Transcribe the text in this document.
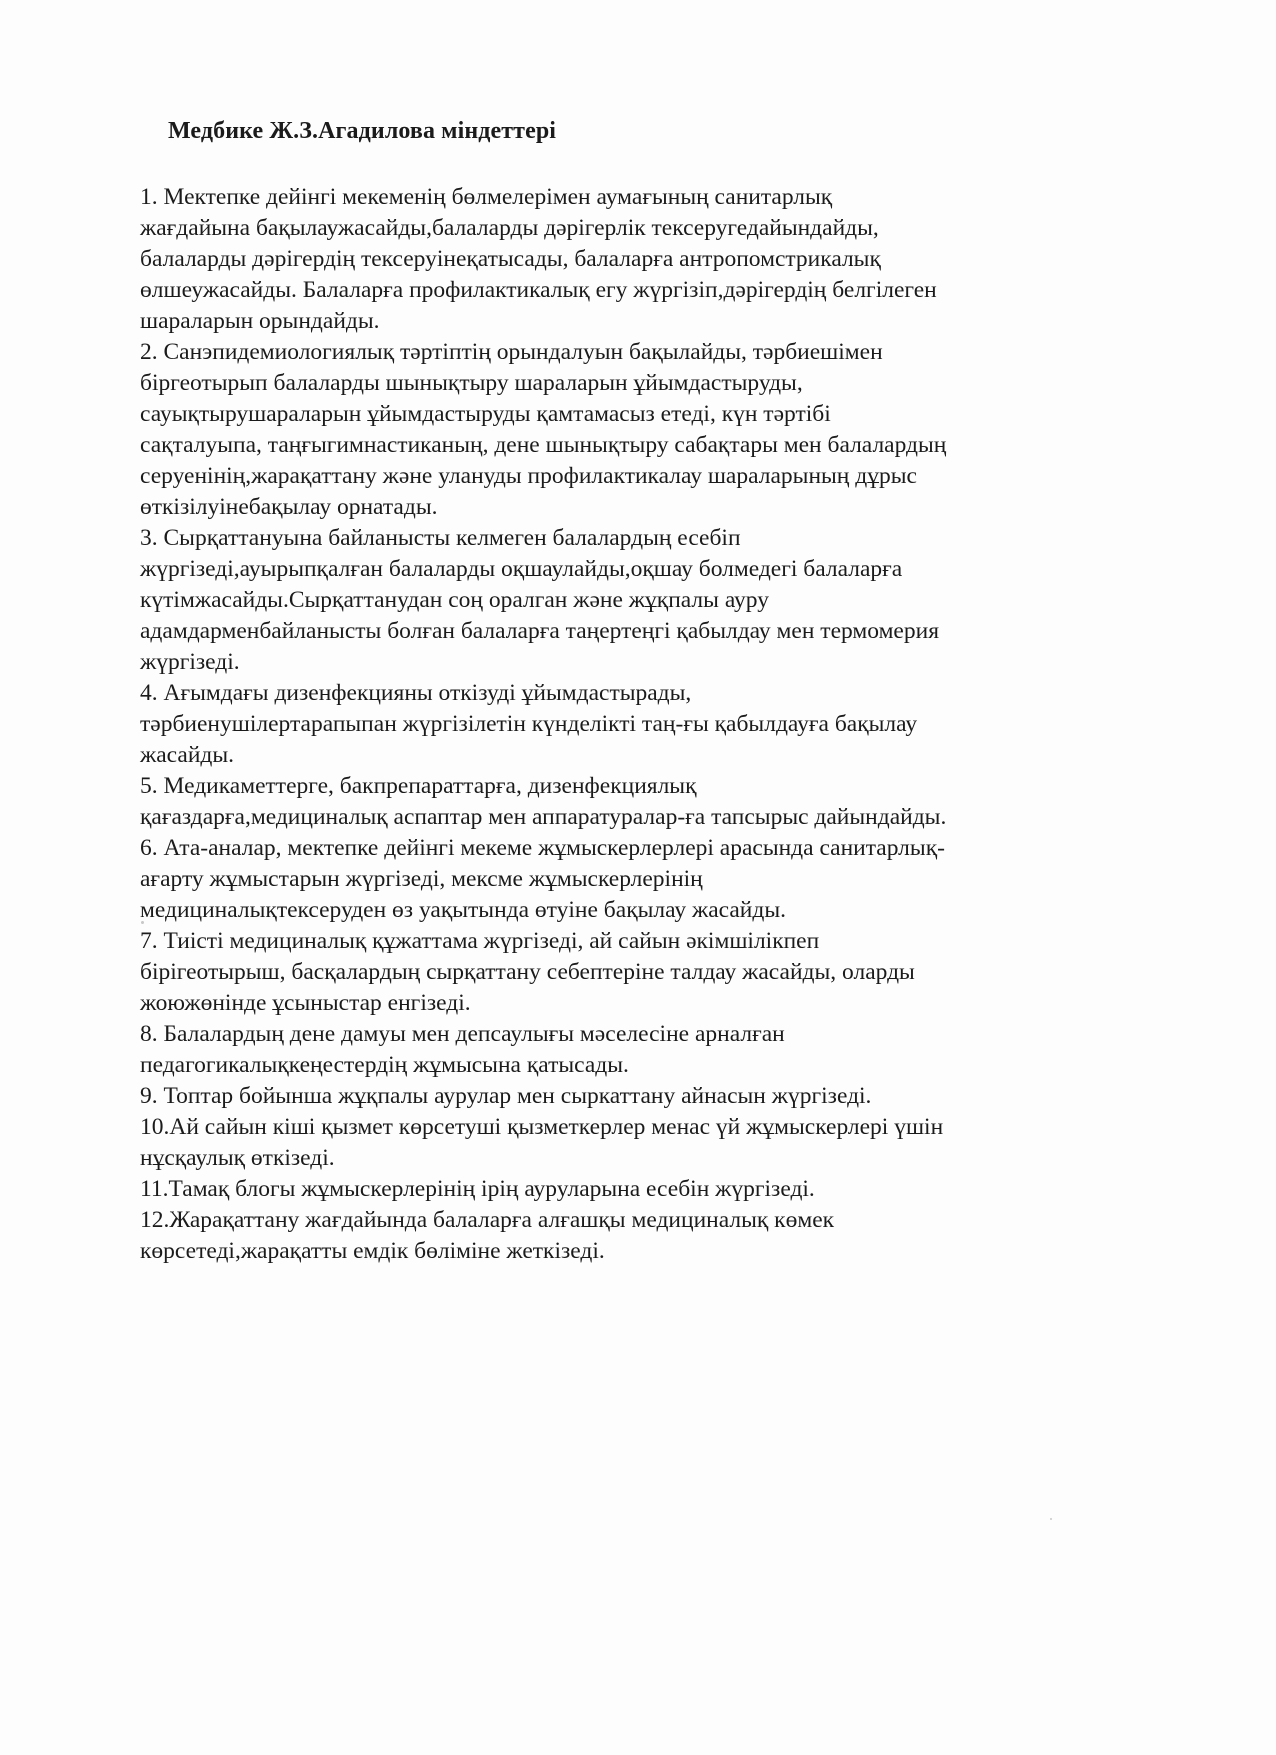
Медбике Ж.З.Агадилова міндеттері
1. Мектепке дейінгі мекеменің бөлмелерімен аумағының санитарлық
жағдайына бақылаужасайды,балаларды дәрігерлік тексеругедайындайды,
балаларды дәрігердің тексеруінеқатысады, балаларға антропомстрикалық
өлшеужасайды. Балаларға профилактикалық егу жүргізіп,дәрігердің белгілеген
шараларын орындайды.
2. Санэпидемиологиялық тәртіптің орындалуын бақылайды, тәрбиешімен
біргеотырып балаларды шынықтыру шараларын ұйымдастыруды,
сауықтырушараларын ұйымдастыруды қамтамасыз етеді, күн тәртібі
сақталуыпа, таңғыгимнастиканың, дене шынықтыру сабақтары мен балалардың
серуенінің,жарақаттану және улануды профилактикалау шараларының дұрыс
өткізілуінебақылау орнатады.
3. Сырқаттануына байланысты келмеген балалардың есебіп
жүргізеді,ауырыпқалған балаларды оқшаулайды,оқшау болмедегі балаларға
күтімжасайды.Сырқаттанудан соң оралган және жұқпалы ауру
адамдарменбайланысты болған балаларға таңертеңгі қабылдау мен термомерия
жүргізеді.
4. Ағымдағы дизенфекцияны откізуді ұйымдастырады,
тәрбиенушілертарапыпан жүргізілетін күнделікті таң-ғы қабылдауға бақылау
жасайды.
5. Медикаметтерге, бакпрепараттарға, дизенфекциялық
қағаздарға,медициналық аспаптар мен аппаратуралар-ға тапсырыс дайындайды.
6. Ата-аналар, мектепке дейінгі мекеме жұмыскерлерлері арасында санитарлық-
ағарту жұмыстарын жүргізеді, мексме жұмыскерлерінің
медициналықтексеруден өз уақытында өтуіне бақылау жасайды.
7. Тиісті медициналық құжаттама жүргізеді, ай сайын әкімшілікпеп
бірігеотырыш, басқалардың сырқаттану себептеріне талдау жасайды, оларды
жоюжөнінде ұсыныстар енгізеді.
8. Балалардың дене дамуы мен депсаулығы мәселесіне арналған
педагогикалықкеңестердің жұмысына қатысады.
9. Топтар бойынша жұқпалы аурулар мен сыркаттану айнасын жүргізеді.
10.Ай сайын кіші қызмет көрсетуші қызметкерлер менас үй жұмыскерлері үшін
нұсқаулық өткізеді.
11.Тамақ блогы жұмыскерлерінің ірің ауруларына есебін жүргізеді.
12.Жарақаттану жағдайында балаларға алғашқы медициналық көмек
көрсетеді,жарақатты емдік бөліміне жеткізеді.
